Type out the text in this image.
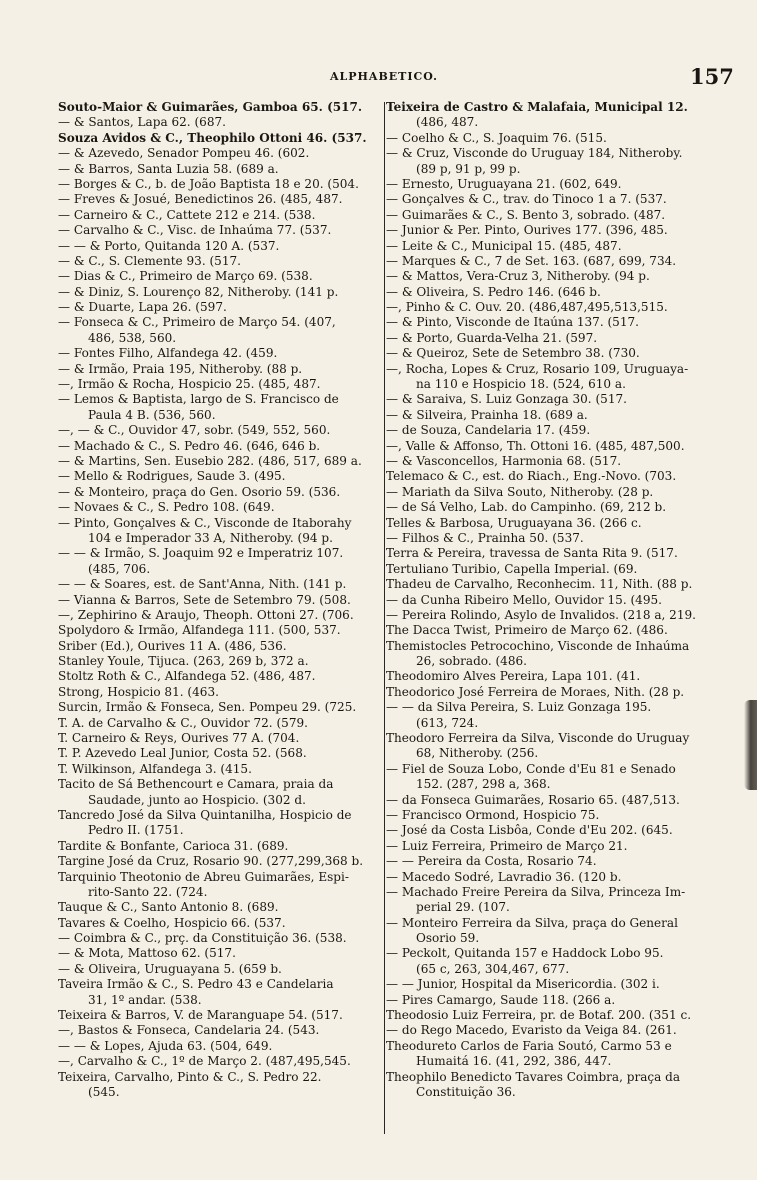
ALPHABETICO.	157
Souto-Maior & Guimarães, Gamboa 65. (517.
— & Santos, Lapa 62. (687.
Souza Avidos & C., Theophilo Ottoni 46. (537.
— & Azevedo, Senador Pompeu 46. (602.
— & Barros, Santa Luzia 58. (689 a.
— Borges & C., b. de João Baptista 18 e 20. (504.
— Freves & Josué, Benedictinos 26. (485, 487.
— Carneiro & C., Cattete 212 e 214. (538.
— Carvalho & C., Visc. de Inhaúma 77. (537.
— — & Porto, Quitanda 120 A. (537.
— & C., S. Clemente 93. (517.
— Dias & C., Primeiro de Março 69. (538.
— & Diniz, S. Lourenço 82, Nitheroby. (141 p.
— & Duarte, Lapa 26. (597.
— Fonseca & C., Primeiro de Março 54. (407,
486, 538, 560.
— Fontes Filho, Alfandega 42. (459.
— & Irmão, Praia 195, Nitheroby. (88 p.
—, Irmão & Rocha, Hospicio 25. (485, 487.
— Lemos & Baptista, largo de S. Francisco de
Paula 4 B. (536, 560.
—, — & C., Ouvidor 47, sobr. (549, 552, 560.
— Machado & C., S. Pedro 46. (646, 646 b.
— & Martins, Sen. Eusebio 282. (486, 517, 689 a.
— Mello & Rodrigues, Saude 3. (495.
— & Monteiro, praça do Gen. Osorio 59. (536.
— Novaes & C., S. Pedro 108. (649.
— Pinto, Gonçalves & C., Visconde de Itaborahy
104 e Imperador 33 A, Nitheroby. (94 p.
— — & Irmão, S. Joaquim 92 e Imperatriz 107.
(485, 706.
— — & Soares, est. de Sant'Anna, Nith. (141 p.
— Vianna & Barros, Sete de Setembro 79. (508.
—, Zephirino & Araujo, Theoph. Ottoni 27. (706.
Spolydoro & Irmão, Alfandega 111. (500, 537.
Sriber (Ed.), Ourives 11 A. (486, 536.
Stanley Youle, Tijuca. (263, 269 b, 372 a.
Stoltz Roth & C., Alfandega 52. (486, 487.
Strong, Hospicio 81. (463.
Surcin, Irmão & Fonseca, Sen. Pompeu 29. (725.
T. A. de Carvalho & C., Ouvidor 72. (579.
T. Carneiro & Reys, Ourives 77 A. (704.
T. P. Azevedo Leal Junior, Costa 52. (568.
T. Wilkinson, Alfandega 3. (415.
Tacito de Sá Bethencourt e Camara, praia da
Saudade, junto ao Hospicio. (302 d.
Tancredo José da Silva Quintanilha, Hospicio de
Pedro II. (1751.
Tardite & Bonfante, Carioca 31. (689.
Targine José da Cruz, Rosario 90. (277,299,368 b.
Tarquinio Theotonio de Abreu Guimarães, Espi-
rito-Santo 22. (724.
Tauque & C., Santo Antonio 8. (689.
Tavares & Coelho, Hospicio 66. (537.
— Coimbra & C., prç. da Constituição 36. (538.
— & Mota, Mattoso 62. (517.
— & Oliveira, Uruguayana 5. (659 b.
Taveira Irmão & C., S. Pedro 43 e Candelaria
31, 1º andar. (538.
Teixeira & Barros, V. de Maranguape 54. (517.
—, Bastos & Fonseca, Candelaria 24. (543.
— — & Lopes, Ajuda 63. (504, 649.
—, Carvalho & C., 1º de Março 2. (487,495,545.
Teixeira, Carvalho, Pinto & C., S. Pedro 22.
(545.
Teixeira de Castro & Malafaia, Municipal 12.
(486, 487.
— Coelho & C., S. Joaquim 76. (515.
— & Cruz, Visconde do Uruguay 184, Nitheroby.
(89 p, 91 p, 99 p.
— Ernesto, Uruguayana 21. (602, 649.
— Gonçalves & C., trav. do Tinoco 1 a 7. (537.
— Guimarães & C., S. Bento 3, sobrado. (487.
— Junior & Per. Pinto, Ourives 177. (396, 485.
— Leite & C., Municipal 15. (485, 487.
— Marques & C., 7 de Set. 163. (687, 699, 734.
— & Mattos, Vera-Cruz 3, Nitheroby. (94 p.
— & Oliveira, S. Pedro 146. (646 b.
—, Pinho & C. Ouv. 20. (486,487,495,513,515.
— & Pinto, Visconde de Itaúna 137. (517.
— & Porto, Guarda-Velha 21. (597.
— & Queiroz, Sete de Setembro 38. (730.
—, Rocha, Lopes & Cruz, Rosario 109, Uruguaya-
na 110 e Hospicio 18. (524, 610 a.
— & Saraiva, S. Luiz Gonzaga 30. (517.
— & Silveira, Prainha 18. (689 a.
— de Souza, Candelaria 17. (459.
—, Valle & Affonso, Th. Ottoni 16. (485, 487,500.
— & Vasconcellos, Harmonia 68. (517.
Telemaco & C., est. do Riach., Eng.-Novo. (703.
— Mariath da Silva Souto, Nitheroby. (28 p.
— de Sá Velho, Lab. do Campinho. (69, 212 b.
Telles & Barbosa, Uruguayana 36. (266 c.
— Filhos & C., Prainha 50. (537.
Terra & Pereira, travessa de Santa Rita 9. (517.
Tertuliano Turibio, Capella Imperial. (69.
Thadeu de Carvalho, Reconhecim. 11, Nith. (88 p.
— da Cunha Ribeiro Mello, Ouvidor 15. (495.
— Pereira Rolindo, Asylo de Invalidos. (218 a, 219.
The Dacca Twist, Primeiro de Março 62. (486.
Themistocles Petrocochino, Visconde de Inhaúma
26, sobrado. (486.
Theodomiro Alves Pereira, Lapa 101. (41.
Theodorico José Ferreira de Moraes, Nith. (28 p.
— — da Silva Pereira, S. Luiz Gonzaga 195.
(613, 724.
Theodoro Ferreira da Silva, Visconde do Uruguay
68, Nitheroby. (256.
— Fiel de Souza Lobo, Conde d'Eu 81 e Senado
152. (287, 298 a, 368.
— da Fonseca Guimarães, Rosario 65. (487,513.
— Francisco Ormond, Hospicio 75.
— José da Costa Lisbôa, Conde d'Eu 202. (645.
— Luiz Ferreira, Primeiro de Março 21.
— — Pereira da Costa, Rosario 74.
— Macedo Sodré, Lavradio 36. (120 b.
— Machado Freire Pereira da Silva, Princeza Im-
perial 29. (107.
— Monteiro Ferreira da Silva, praça do General
Osorio 59.
— Peckolt, Quitanda 157 e Haddock Lobo 95.
(65 c, 263, 304,467, 677.
— — Junior, Hospital da Misericordia. (302 i.
— Pires Camargo, Saude 118. (266 a.
Theodosio Luiz Ferreira, pr. de Botaf. 200. (351 c.
— do Rego Macedo, Evaristo da Veiga 84. (261.
Theodureto Carlos de Faria Soutó, Carmo 53 e
Humaitá 16. (41, 292, 386, 447.
Theophilo Benedicto Tavares Coimbra, praça da
Constituição 36.
